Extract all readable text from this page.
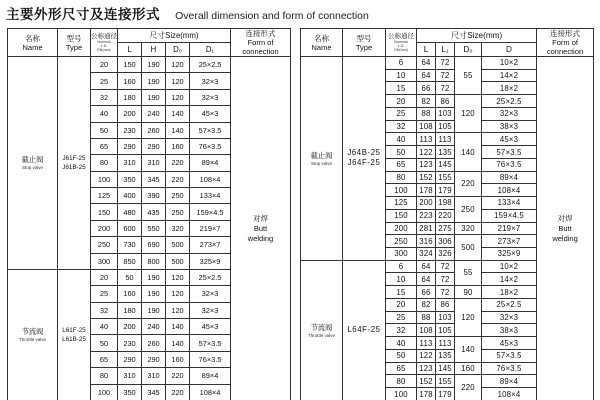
主要外形尺寸及连接形式 Overall dimension and form of connection
名称
Name	型号
Type	公称通径
Nominal
L.D.
DN(mm)	尺寸Size(mm)				连接形式
Form of
connection

			L	H	D₀	D₁	

截止阀
Stop valve	J61F-25
J61B-25	20	150	190	120	25×2.5	对焊
Butt
welding

		25	160	190	120	32×3	
		32	180	190	120	32×3	
		40	200	240	140	45×3	
		50	230	260	140	57×3.5	
		65	290	290	160	76×3.5	
		80	310	310	220	89×4	
		100	350	345	220	108×4	
		125	400	390	250	133×4	
		150	480	435	250	159×4.5	
		200	600	550	320	219×7	
		250	730	690	500	273×7	
		300	850	800	500	325×9	

节流阀
Throttle valve	L61F-25
L61B-25	20	50	190	120	25×2.5	
		25	160	190	120	32×3	
		32	180	190	120	32×3	
		40	200	240	140	45×3	
		50	230	260	140	57×3.5	
		65	290	290	160	76×3.5	
		80	310	310	220	89×4	
		100	350	345	220	108×4	
名称
Name	型号
Type	公称通径
Nominal
L.D.
DN(mm)	尺寸Size(mm)				连接形式
Form of
connection

			L	L₁	D₀	D	

截止阀
Stop valve	J64B-25
J64F-25	6	64	72	55	10×2	对焊
Butt
welding

		10	64	72		14×2	
		15	66	72		18×2	
		20	82	86	120	25×2.5	
		25	88	103		32×3	
		32	108	105		38×3	
		40	113	113	140	45×3	
		50	122	135		57×3.5	
		65	123	145		76×3.5	
		80	152	155	220	89×4	
		100	178	179		108×4	
		125	200	198	250	133×4	
		150	223	220		159×4.5	
		200	281	275	320	219×7	
		250	316	306	500	273×7	
		300	324	326		325×9	

节流阀
Throttle valve	L64F-25	6	64	72	55	10×2	
		10	64	72		14×2	
		15	66	72	90	18×2	
		20	82	86	120	25×2.5	
		25	88	103		32×3	
		32	108	105		38×3	
		40	113	113	140	45×3	
		50	122	135		57×3.5	
		65	123	145	160	76×3.5	
		80	152	155	220	89×4	
		100	178	179		108×4	
